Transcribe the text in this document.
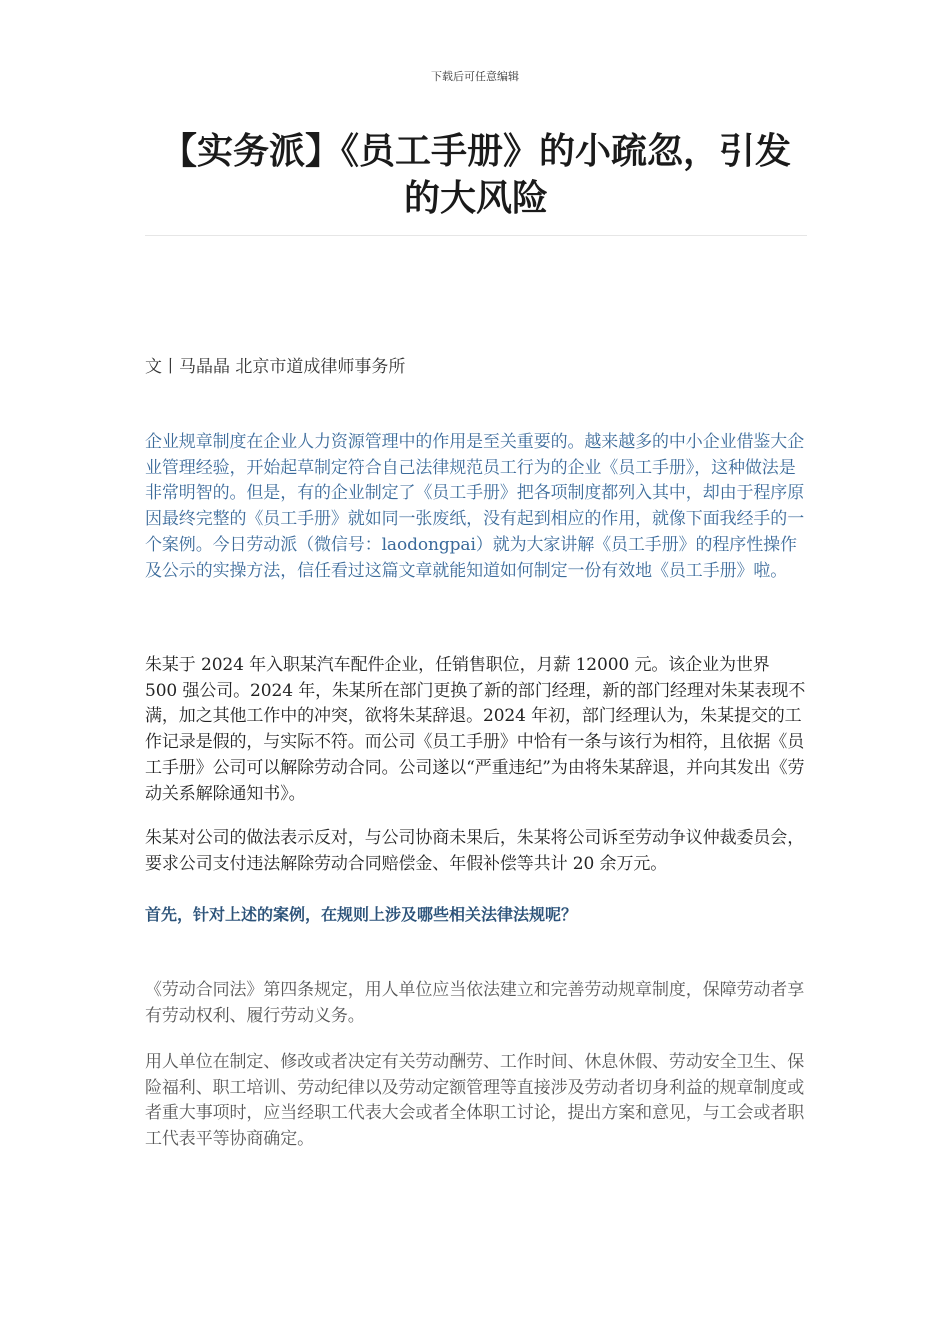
下载后可任意编辑
【实务派】《员工手册》的小疏忽，引发的大风险
文丨马晶晶 北京市道成律师事务所

企业规章制度在企业人力资源管理中的作用是至关重要的。越来越多的中小企业借鉴大企业管理经验，开始起草制定符合自己法律规范员工行为的企业《员工手册》，这种做法是非常明智的。但是，有的企业制定了《员工手册》把各项制度都列入其中，却由于程序原因最终完整的《员工手册》就如同一张废纸，没有起到相应的作用，就像下面我经手的一个案例。今日劳动派（微信号：laodongpai）就为大家讲解《员工手册》的程序性操作及公示的实操方法，信任看过这篇文章就能知道如何制定一份有效地《员工手册》啦。

朱某于 2024 年入职某汽车配件企业，任销售职位，月薪 12000 元。该企业为世界 500 强公司。2024 年，朱某所在部门更换了新的部门经理，新的部门经理对朱某表现不满，加之其他工作中的冲突，欲将朱某辞退。2024 年初，部门经理认为，朱某提交的工作记录是假的，与实际不符。而公司《员工手册》中恰有一条与该行为相符，且依据《员工手册》公司可以解除劳动合同。公司遂以“严重违纪”为由将朱某辞退，并向其发出《劳动关系解除通知书》。

朱某对公司的做法表示反对，与公司协商未果后，朱某将公司诉至劳动争议仲裁委员会，要求公司支付违法解除劳动合同赔偿金、年假补偿等共计 20 余万元。

首先，针对上述的案例，在规则上涉及哪些相关法律法规呢？

《劳动合同法》第四条规定，用人单位应当依法建立和完善劳动规章制度，保障劳动者享有劳动权利、履行劳动义务。

用人单位在制定、修改或者决定有关劳动酬劳、工作时间、休息休假、劳动安全卫生、保险福利、职工培训、劳动纪律以及劳动定额管理等直接涉及劳动者切身利益的规章制度或者重大事项时，应当经职工代表大会或者全体职工讨论，提出方案和意见，与工会或者职工代表平等协商确定。
